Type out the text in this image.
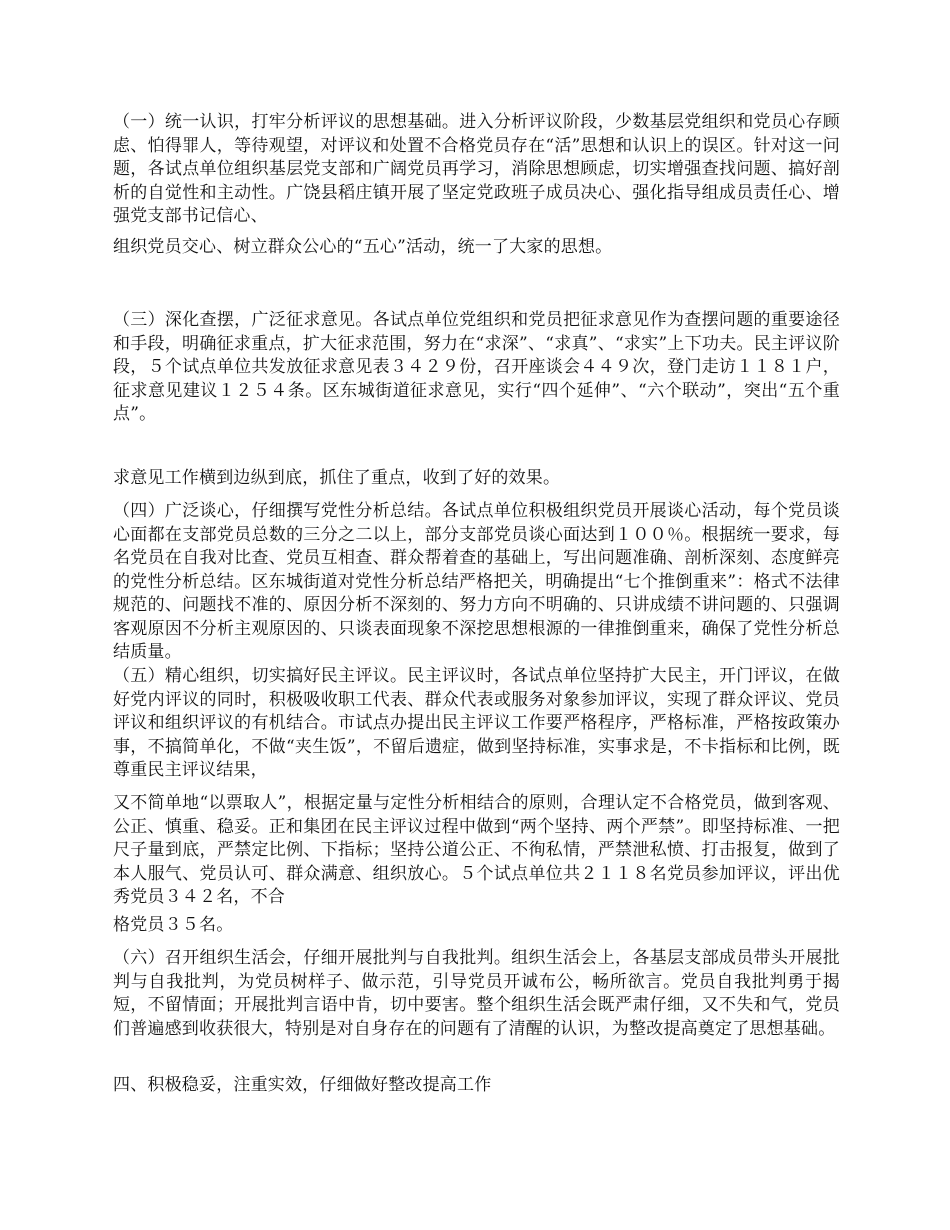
（一）统一认识，打牢分析评议的思想基础。进入分析评议阶段，少数基层党组织和党员心存顾虑、怕得罪人，等待观望，对评议和处置不合格党员存在“活”思想和认识上的误区。针对这一问题，各试点单位组织基层党支部和广阔党员再学习，消除思想顾虑，切实增强查找问题、搞好剖析的自觉性和主动性。广饶县稻庄镇开展了坚定党政班子成员决心、强化指导组成员责任心、增强党支部书记信心、

组织党员交心、树立群众公心的“五心”活动，统一了大家的思想。

（三）深化查摆，广泛征求意见。各试点单位党组织和党员把征求意见作为查摆问题的重要途径和手段，明确征求重点，扩大征求范围，努力在“求深”、“求真”、“求实”上下功夫。民主评议阶段，５个试点单位共发放征求意见表３４２９份，召开座谈会４４９次，登门走访１１８１户，征求意见建议１２５４条。区东城街道征求意见，实行“四个延伸”、“六个联动”，突出“五个重点”。

求意见工作横到边纵到底，抓住了重点，收到了好的效果。

（四）广泛谈心，仔细撰写党性分析总结。各试点单位积极组织党员开展谈心活动，每个党员谈心面都在支部党员总数的三分之二以上，部分支部党员谈心面达到１００％。根据统一要求，每名党员在自我对比查、党员互相查、群众帮着查的基础上，写出问题准确、剖析深刻、态度鲜亮的党性分析总结。区东城街道对党性分析总结严格把关，明确提出“七个推倒重来”：格式不法律规范的、问题找不准的、原因分析不深刻的、努力方向不明确的、只讲成绩不讲问题的、只强调客观原因不分析主观原因的、只谈表面现象不深挖思想根源的一律推倒重来，确保了党性分析总结质量。

（五）精心组织，切实搞好民主评议。民主评议时，各试点单位坚持扩大民主，开门评议，在做好党内评议的同时，积极吸收职工代表、群众代表或服务对象参加评议，实现了群众评议、党员评议和组织评议的有机结合。市试点办提出民主评议工作要严格程序，严格标准，严格按政策办事，不搞简单化，不做“夹生饭”，不留后遗症，做到坚持标准，实事求是，不卡指标和比例，既尊重民主评议结果，

又不简单地“以票取人”，根据定量与定性分析相结合的原则，合理认定不合格党员，做到客观、公正、慎重、稳妥。正和集团在民主评议过程中做到“两个坚持、两个严禁”。即坚持标准、一把尺子量到底，严禁定比例、下指标；坚持公道公正、不徇私情，严禁泄私愤、打击报复，做到了本人服气、党员认可、群众满意、组织放心。５个试点单位共２１１８名党员参加评议，评出优秀党员３４２名，不合

格党员３５名。

（六）召开组织生活会，仔细开展批判与自我批判。组织生活会上，各基层支部成员带头开展批判与自我批判，为党员树样子、做示范，引导党员开诚布公，畅所欲言。党员自我批判勇于揭短，不留情面；开展批判言语中肯，切中要害。整个组织生活会既严肃仔细，又不失和气，党员们普遍感到收获很大，特别是对自身存在的问题有了清醒的认识，为整改提高奠定了思想基础。

四、积极稳妥，注重实效，仔细做好整改提高工作
